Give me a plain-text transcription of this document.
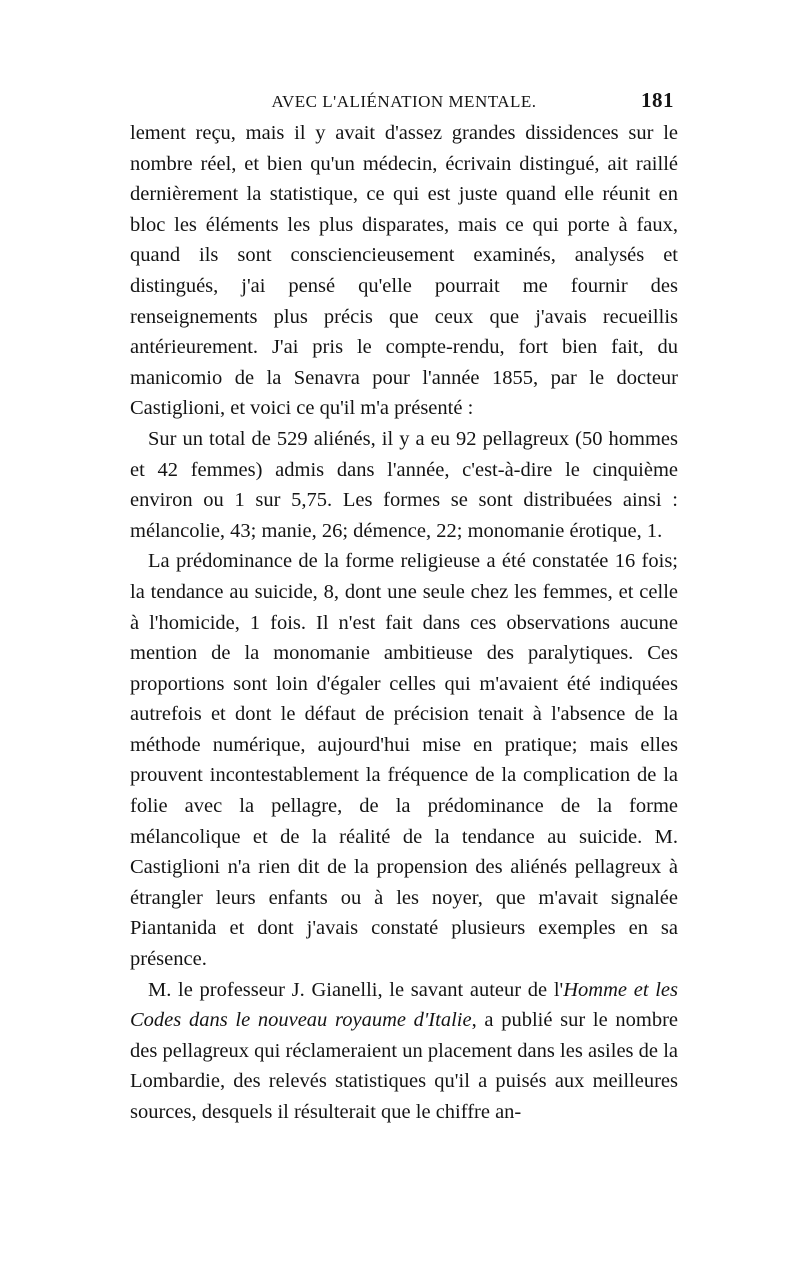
AVEC L'ALIÉNATION MENTALE.	181

lement reçu, mais il y avait d'assez grandes dissidences sur le nombre réel, et bien qu'un médecin, écrivain distingué, ait raillé dernièrement la statistique, ce qui est juste quand elle réunit en bloc les éléments les plus disparates, mais ce qui porte à faux, quand ils sont consciencieusement examinés, analysés et distingués, j'ai pensé qu'elle pourrait me fournir des renseignements plus précis que ceux que j'avais recueillis antérieurement. J'ai pris le compte-rendu, fort bien fait, du manicomio de la Senavra pour l'année 1855, par le docteur Castiglioni, et voici ce qu'il m'a présenté :

Sur un total de 529 aliénés, il y a eu 92 pellagreux (50 hommes et 42 femmes) admis dans l'année, c'est-à-dire le cinquième environ ou 1 sur 5,75. Les formes se sont distribuées ainsi : mélancolie, 43; manie, 26; démence, 22; monomanie érotique, 1.

La prédominance de la forme religieuse a été constatée 16 fois; la tendance au suicide, 8, dont une seule chez les femmes, et celle à l'homicide, 1 fois. Il n'est fait dans ces observations aucune mention de la monomanie ambitieuse des paralytiques. Ces proportions sont loin d'égaler celles qui m'avaient été indiquées autrefois et dont le défaut de précision tenait à l'absence de la méthode numérique, aujourd'hui mise en pratique; mais elles prouvent incontestablement la fréquence de la complication de la folie avec la pellagre, de la prédominance de la forme mélancolique et de la réalité de la tendance au suicide. M. Castiglioni n'a rien dit de la propension des aliénés pellagreux à étrangler leurs enfants ou à les noyer, que m'avait signalée Piantanida et dont j'avais constaté plusieurs exemples en sa présence.

M. le professeur J. Gianelli, le savant auteur de l'Homme et les Codes dans le nouveau royaume d'Italie, a publié sur le nombre des pellagreux qui réclameraient un placement dans les asiles de la Lombardie, des relevés statistiques qu'il a puisés aux meilleures sources, desquels il résulterait que le chiffre an-
